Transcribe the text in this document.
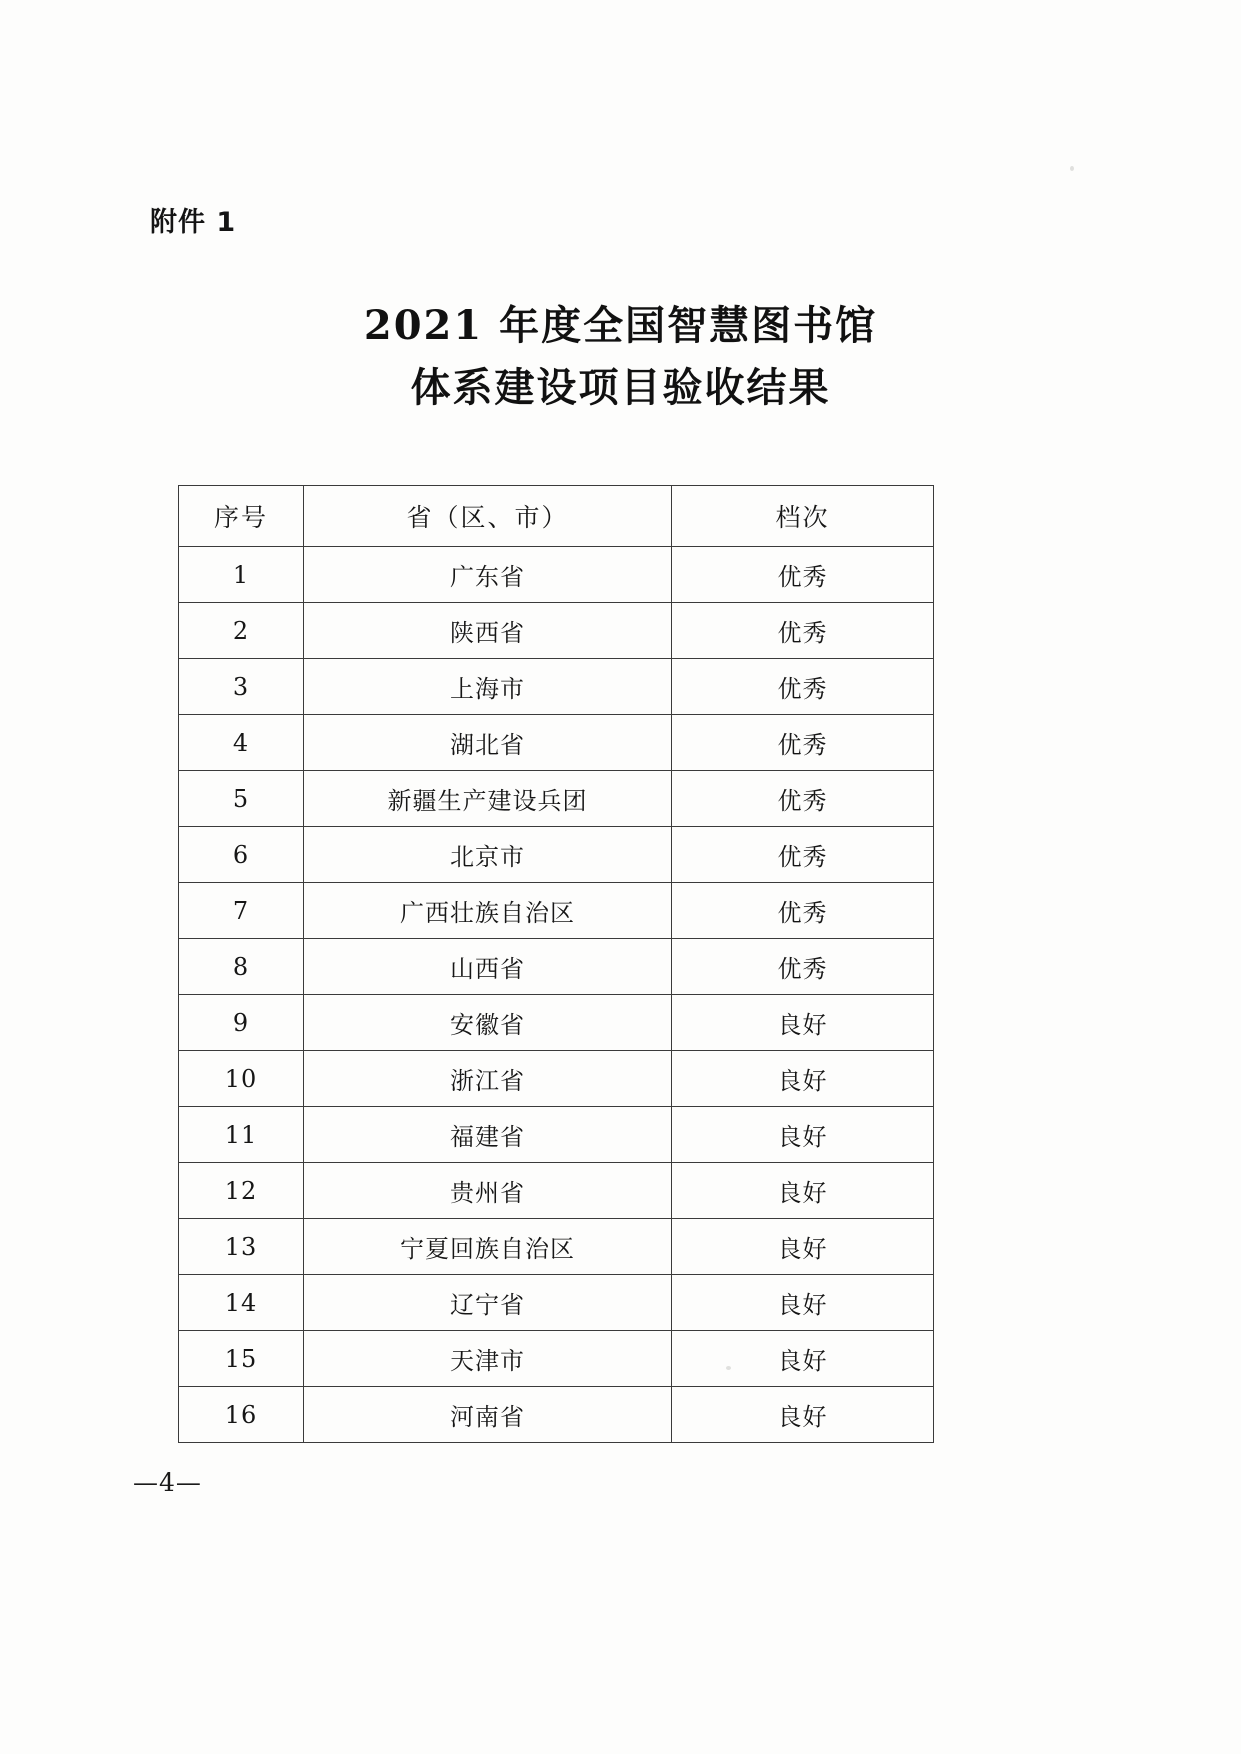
附件 1
2021 年度全国智慧图书馆
体系建设项目验收结果
序号	省（区、市）	档次
1	广东省	优秀
2	陕西省	优秀
3	上海市	优秀
4	湖北省	优秀
5	新疆生产建设兵团	优秀
6	北京市	优秀
7	广西壮族自治区	优秀
8	山西省	优秀
9	安徽省	良好
10	浙江省	良好
11	福建省	良好
12	贵州省	良好
13	宁夏回族自治区	良好
14	辽宁省	良好
15	天津市	良好
16	河南省	良好
—4—
